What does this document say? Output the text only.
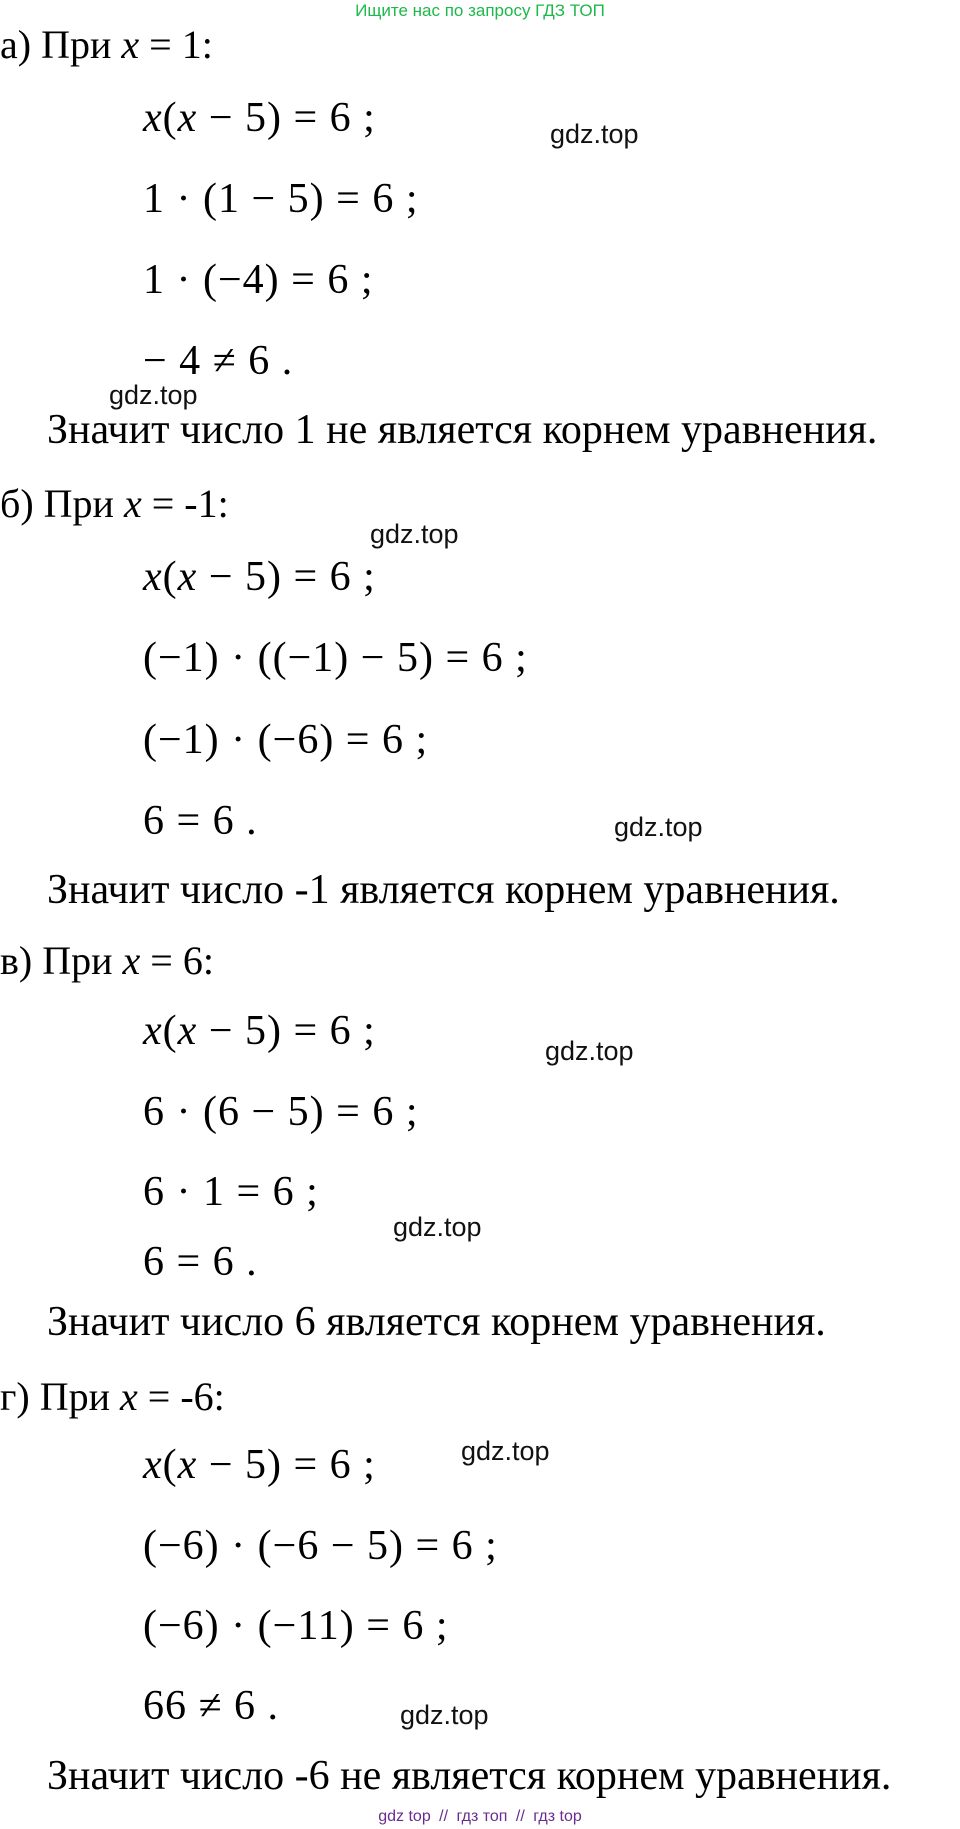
Ищите нас по запросу ГДЗ ТОП
а) При x = 1:
x(x − 5) = 6 ;
1 · (1 − 5) = 6 ;
1 · (−4) = 6 ;
− 4 ≠ 6 .
Значит число 1 не является корнем уравнения.
б) При x = -1:
x(x − 5) = 6 ;
(−1) · ((−1) − 5) = 6 ;
(−1) · (−6) = 6 ;
6 = 6 .
Значит число -1 является корнем уравнения.
в) При x = 6:
x(x − 5) = 6 ;
6 · (6 − 5) = 6 ;
6 · 1 = 6 ;
6 = 6 .
Значит число 6 является корнем уравнения.
г) При x = -6:
x(x − 5) = 6 ;
(−6) · (−6 − 5) = 6 ;
(−6) · (−11) = 6 ;
66 ≠ 6 .
Значит число -6 не является корнем уравнения.
gdz.top
gdz.top
gdz.top
gdz.top
gdz.top
gdz.top
gdz.top
gdz.top
gdz top // гдз топ // гдз top
